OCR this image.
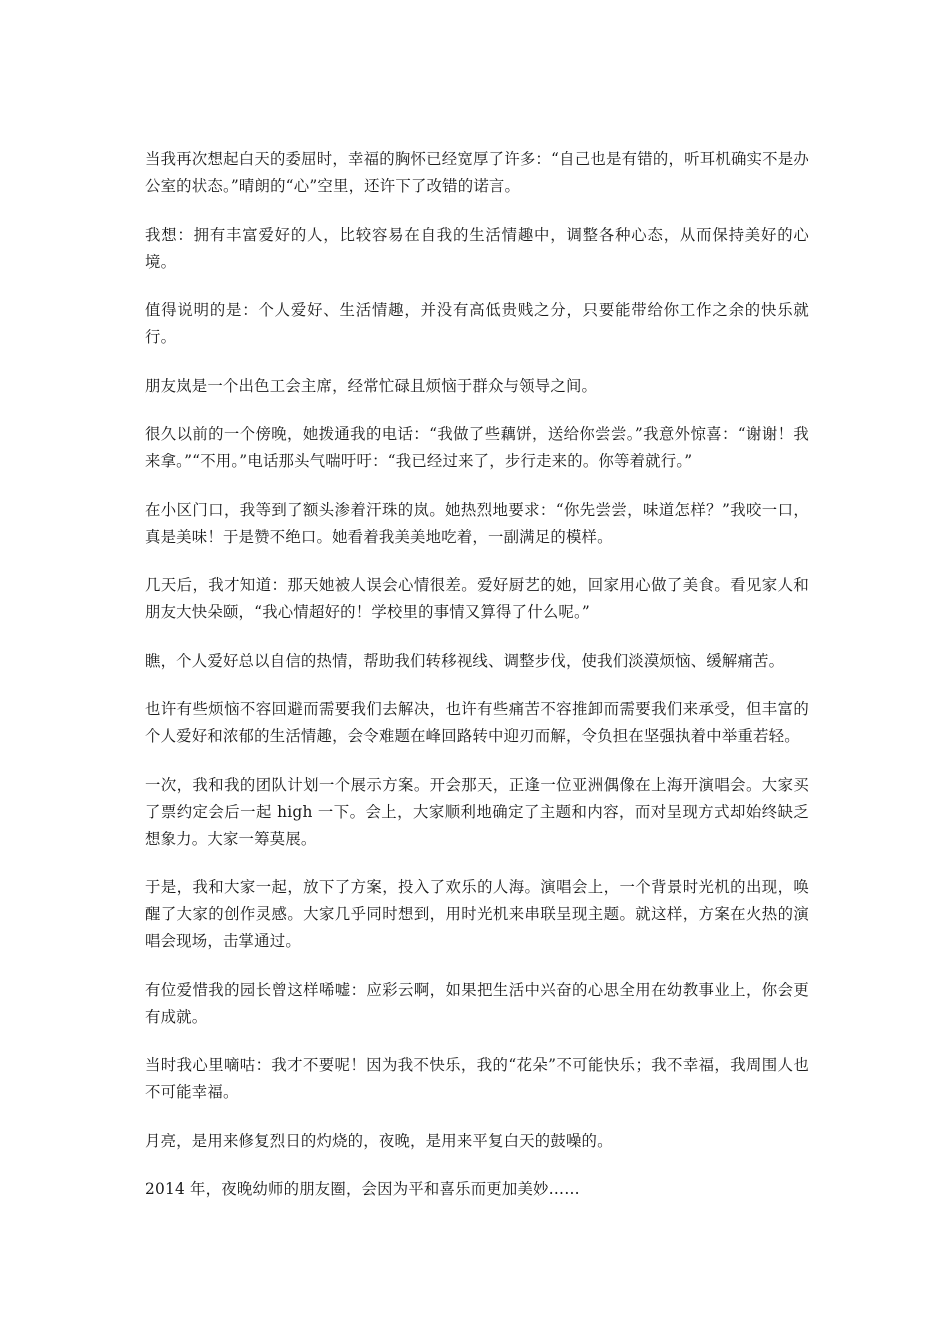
当我再次想起白天的委屈时，幸福的胸怀已经宽厚了许多：“自己也是有错的，听耳机确实不是办公室的状态。”晴朗的“心”空里，还许下了改错的诺言。

我想：拥有丰富爱好的人，比较容易在自我的生活情趣中，调整各种心态，从而保持美好的心境。

值得说明的是：个人爱好、生活情趣，并没有高低贵贱之分，只要能带给你工作之余的快乐就行。

朋友岚是一个出色工会主席，经常忙碌且烦恼于群众与领导之间。

很久以前的一个傍晚，她拨通我的电话：“我做了些藕饼，送给你尝尝。”我意外惊喜：“谢谢！我来拿。”“不用。”电话那头气喘吁吁：“我已经过来了，步行走来的。你等着就行。”

在小区门口，我等到了额头渗着汗珠的岚。她热烈地要求：“你先尝尝，味道怎样？”我咬一口，真是美味！于是赞不绝口。她看着我美美地吃着，一副满足的模样。

几天后，我才知道：那天她被人误会心情很差。爱好厨艺的她，回家用心做了美食。看见家人和朋友大快朵颐，“我心情超好的！学校里的事情又算得了什么呢。”

瞧，个人爱好总以自信的热情，帮助我们转移视线、调整步伐，使我们淡漠烦恼、缓解痛苦。

也许有些烦恼不容回避而需要我们去解决，也许有些痛苦不容推卸而需要我们来承受，但丰富的个人爱好和浓郁的生活情趣，会令难题在峰回路转中迎刃而解，令负担在坚强执着中举重若轻。

一次，我和我的团队计划一个展示方案。开会那天，正逢一位亚洲偶像在上海开演唱会。大家买了票约定会后一起 high 一下。会上，大家顺利地确定了主题和内容，而对呈现方式却始终缺乏想象力。大家一筹莫展。

于是，我和大家一起，放下了方案，投入了欢乐的人海。演唱会上，一个背景时光机的出现，唤醒了大家的创作灵感。大家几乎同时想到，用时光机来串联呈现主题。就这样，方案在火热的演唱会现场，击掌通过。

有位爱惜我的园长曾这样唏嘘：应彩云啊，如果把生活中兴奋的心思全用在幼教事业上，你会更有成就。

当时我心里嘀咕：我才不要呢！因为我不快乐，我的“花朵”不可能快乐；我不幸福，我周围人也不可能幸福。

月亮，是用来修复烈日的灼烧的，夜晚，是用来平复白天的鼓噪的。

2014 年，夜晚幼师的朋友圈，会因为平和喜乐而更加美妙……
